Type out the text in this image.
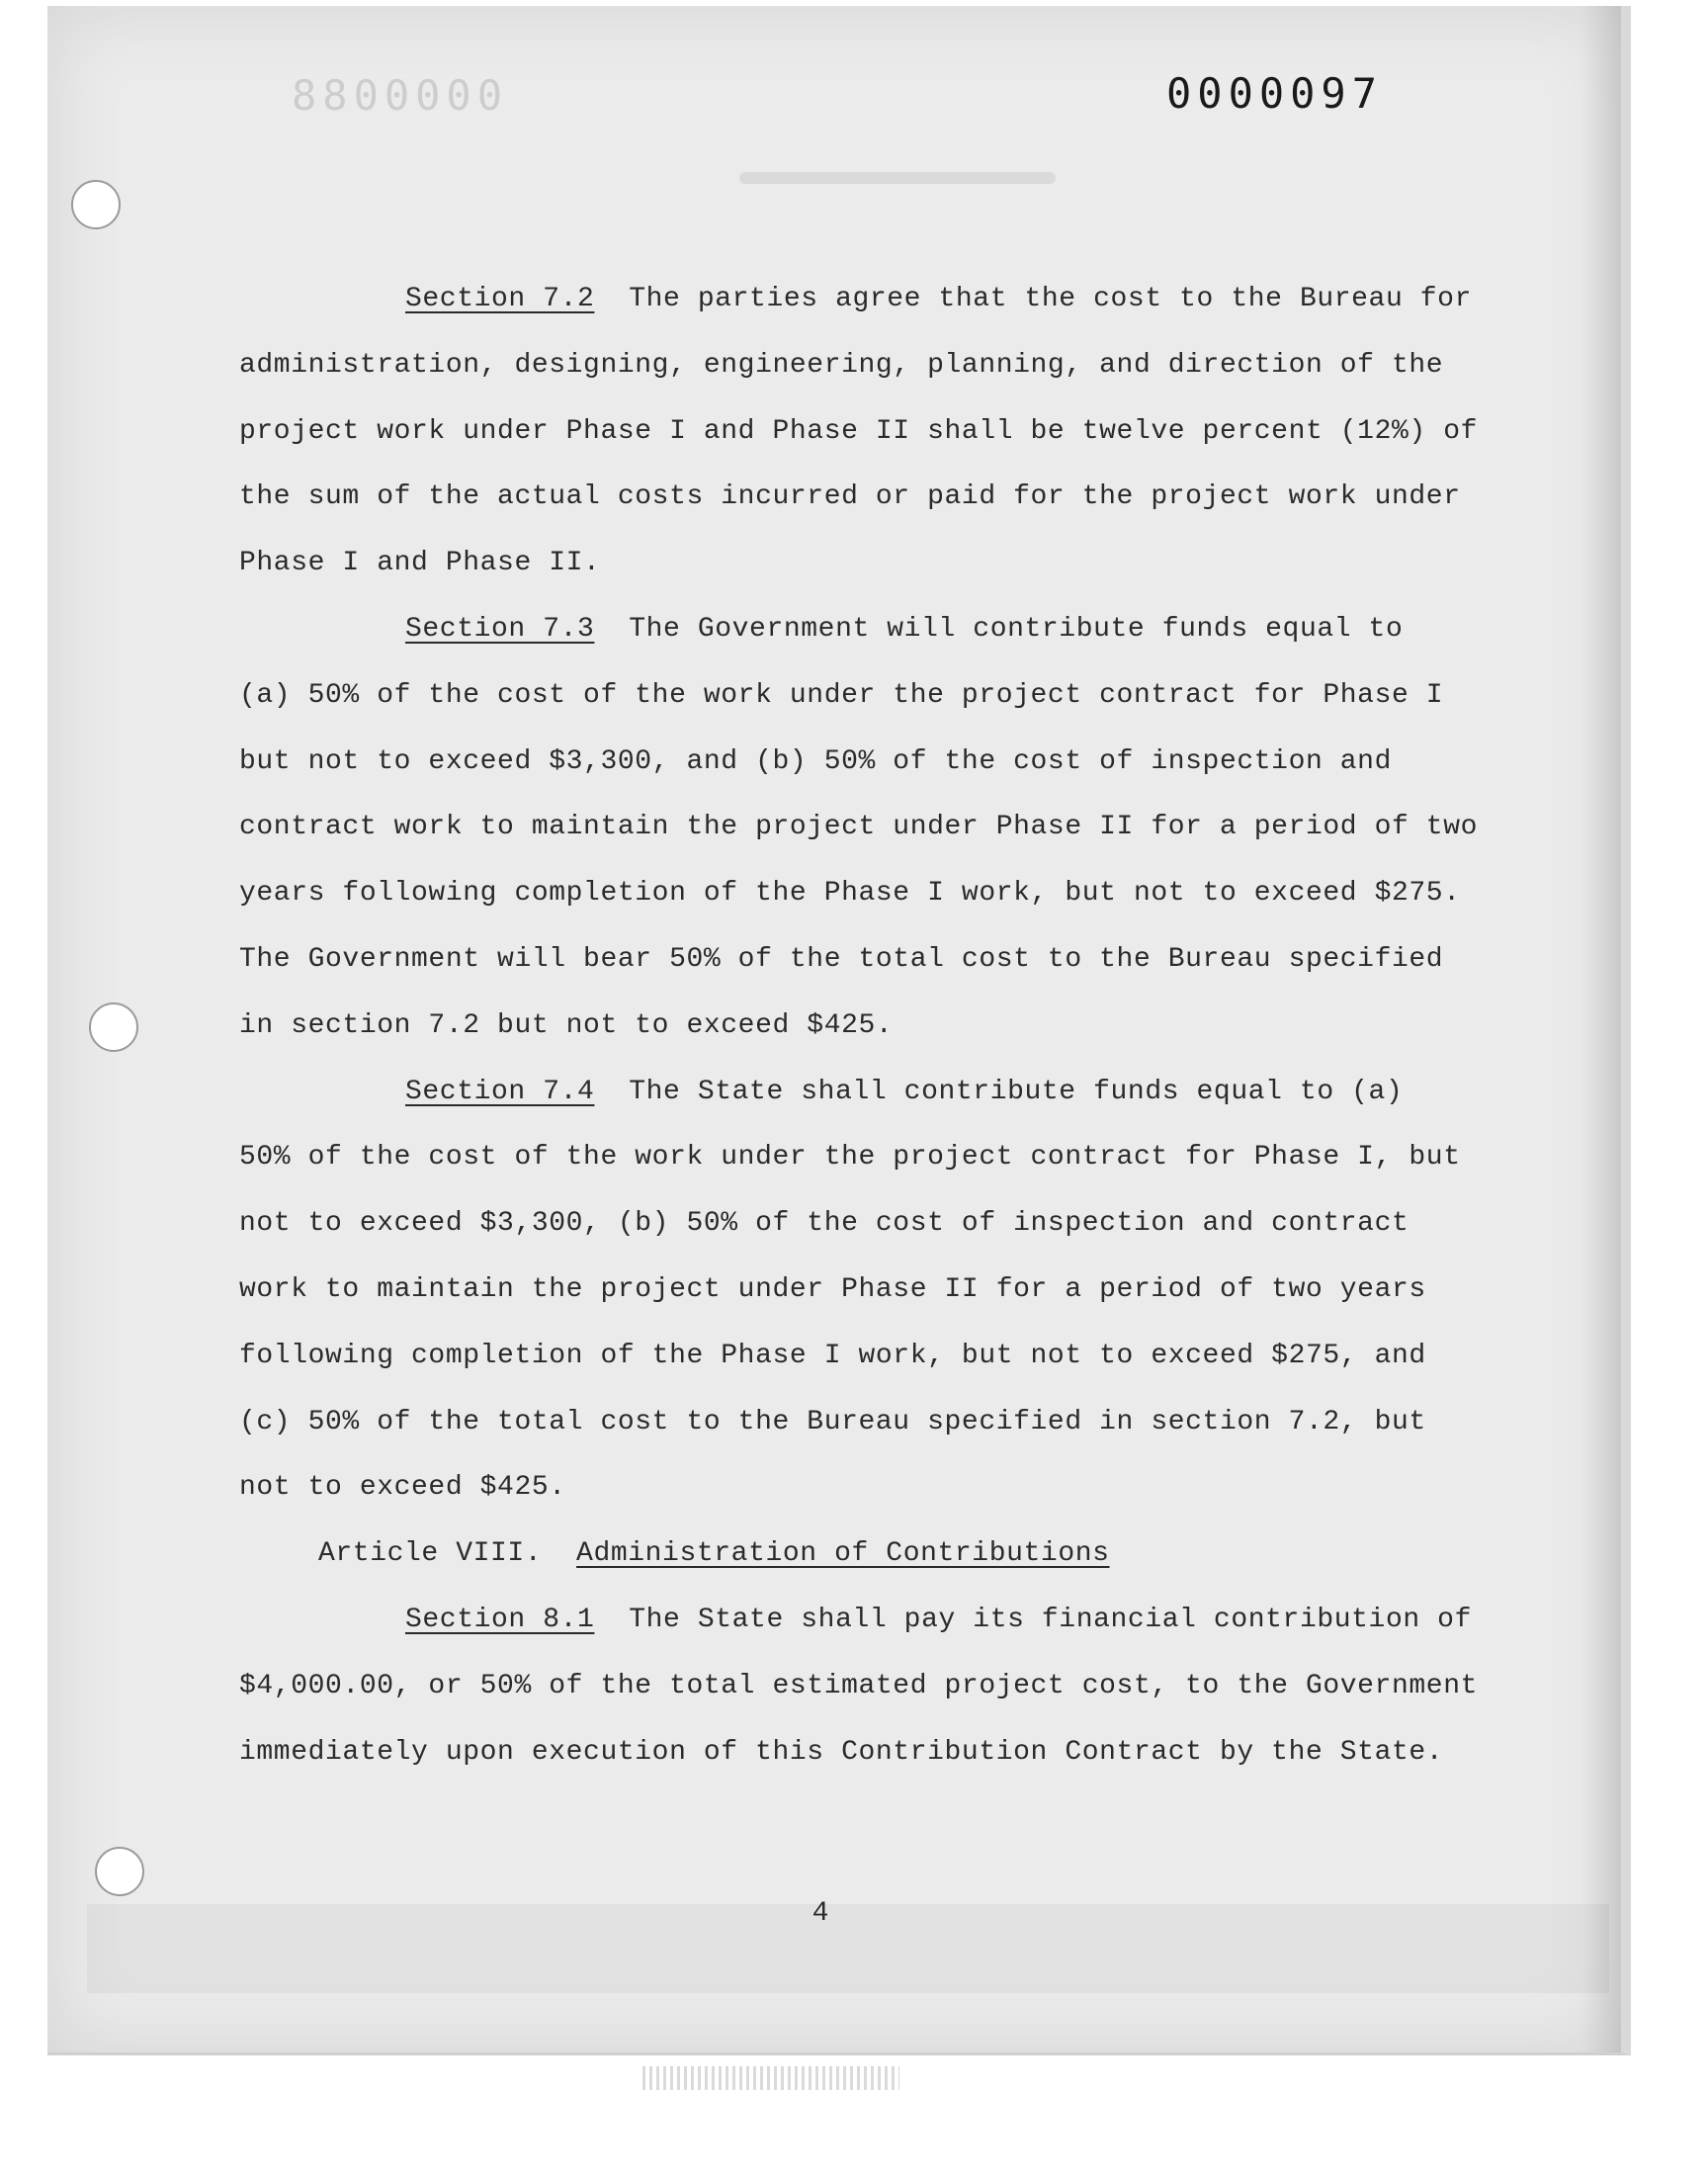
8800000	0000097
Section 7.2  The parties agree that the cost to the Bureau for
administration, designing, engineering, planning, and direction of the
project work under Phase I and Phase II shall be twelve percent (12%) of
the sum of the actual costs incurred or paid for the project work under
Phase I and Phase II.
Section 7.3  The Government will contribute funds equal to
(a) 50% of the cost of the work under the project contract for Phase I
but not to exceed $3,300, and (b) 50% of the cost of inspection and
contract work to maintain the project under Phase II for a period of two
years following completion of the Phase I work, but not to exceed $275.
The Government will bear 50% of the total cost to the Bureau specified
in section 7.2 but not to exceed $425.
Section 7.4  The State shall contribute funds equal to (a)
50% of the cost of the work under the project contract for Phase I, but
not to exceed $3,300, (b) 50% of the cost of inspection and contract
work to maintain the project under Phase II for a period of two years
following completion of the Phase I work, but not to exceed $275, and
(c) 50% of the total cost to the Bureau specified in section 7.2, but
not to exceed $425.
Article VIII.  Administration of Contributions
Section 8.1  The State shall pay its financial contribution of
$4,000.00, or 50% of the total estimated project cost, to the Government
immediately upon execution of this Contribution Contract by the State.
4
